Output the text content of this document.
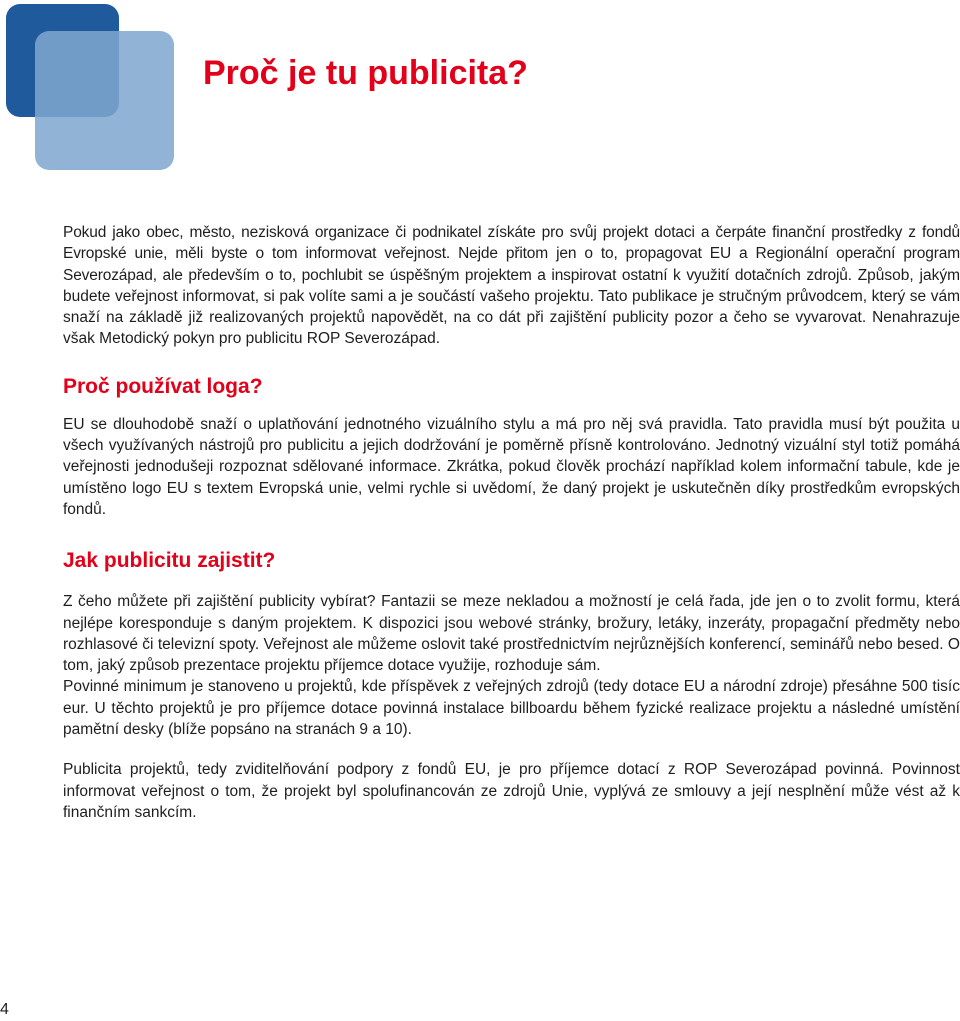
Proč je tu publicita?

Pokud jako obec, město, nezisková organizace či podnikatel získáte pro svůj projekt dotaci a čerpáte finanční prostředky z fondů Evropské unie, měli byste o tom informovat veřejnost. Nejde přitom jen o to, propagovat EU a Regionální operační program Severozápad, ale především o to, pochlubit se úspěšným projektem a inspirovat ostatní k využití dotačních zdrojů. Způsob, jakým budete veřejnost informovat, si pak volíte sami a je součástí vašeho projektu. Tato publikace je stručným průvodcem, který se vám snaží na základě již realizovaných projektů napovědět, na co dát při zajištění publicity pozor a čeho se vyvarovat. Nenahrazuje však Metodický pokyn pro publicitu ROP Severozápad.

Proč používat loga?

EU se dlouhodobě snaží o uplatňování jednotného vizuálního stylu a má pro něj svá pravidla. Tato pravidla musí být použita u všech využívaných nástrojů pro publicitu a jejich dodržování je poměrně přísně kontrolováno. Jednotný vizuální styl totiž pomáhá veřejnosti jednodušeji rozpoznat sdělované informace. Zkrátka, pokud člověk prochází například kolem informační tabule, kde je umístěno logo EU s textem Evropská unie, velmi rychle si uvědomí, že daný projekt je uskutečněn díky prostředkům evropských fondů.

Jak publicitu zajistit?

Z čeho můžete při zajištění publicity vybírat? Fantazii se meze nekladou a možností je celá řada, jde jen o to zvolit formu, která nejlépe koresponduje s daným projektem. K dispozici jsou webové stránky, brožury, letáky, inzeráty, propagační předměty nebo rozhlasové či televizní spoty. Veřejnost ale můžeme oslovit také prostřednictvím nejrůznějších konferencí, seminářů nebo besed. O tom, jaký způsob prezentace projektu příjemce dotace využije, rozhoduje sám.

Povinné minimum je stanoveno u projektů, kde příspěvek z veřejných zdrojů (tedy dotace EU a národní zdroje) přesáhne 500 tisíc eur. U těchto projektů je pro příjemce dotace povinná instalace billboardu během fyzické realizace projektu a následné umístění pamětní desky (blíže popsáno na stranách 9 a 10).

Publicita projektů, tedy zviditelňování podpory z fondů EU, je pro příjemce dotací z ROP Severozápad povinná. Povinnost informovat veřejnost o tom, že projekt byl spolufinancován ze zdrojů Unie, vyplývá ze smlouvy a její nesplnění může vést až k finančním sankcím.

4
